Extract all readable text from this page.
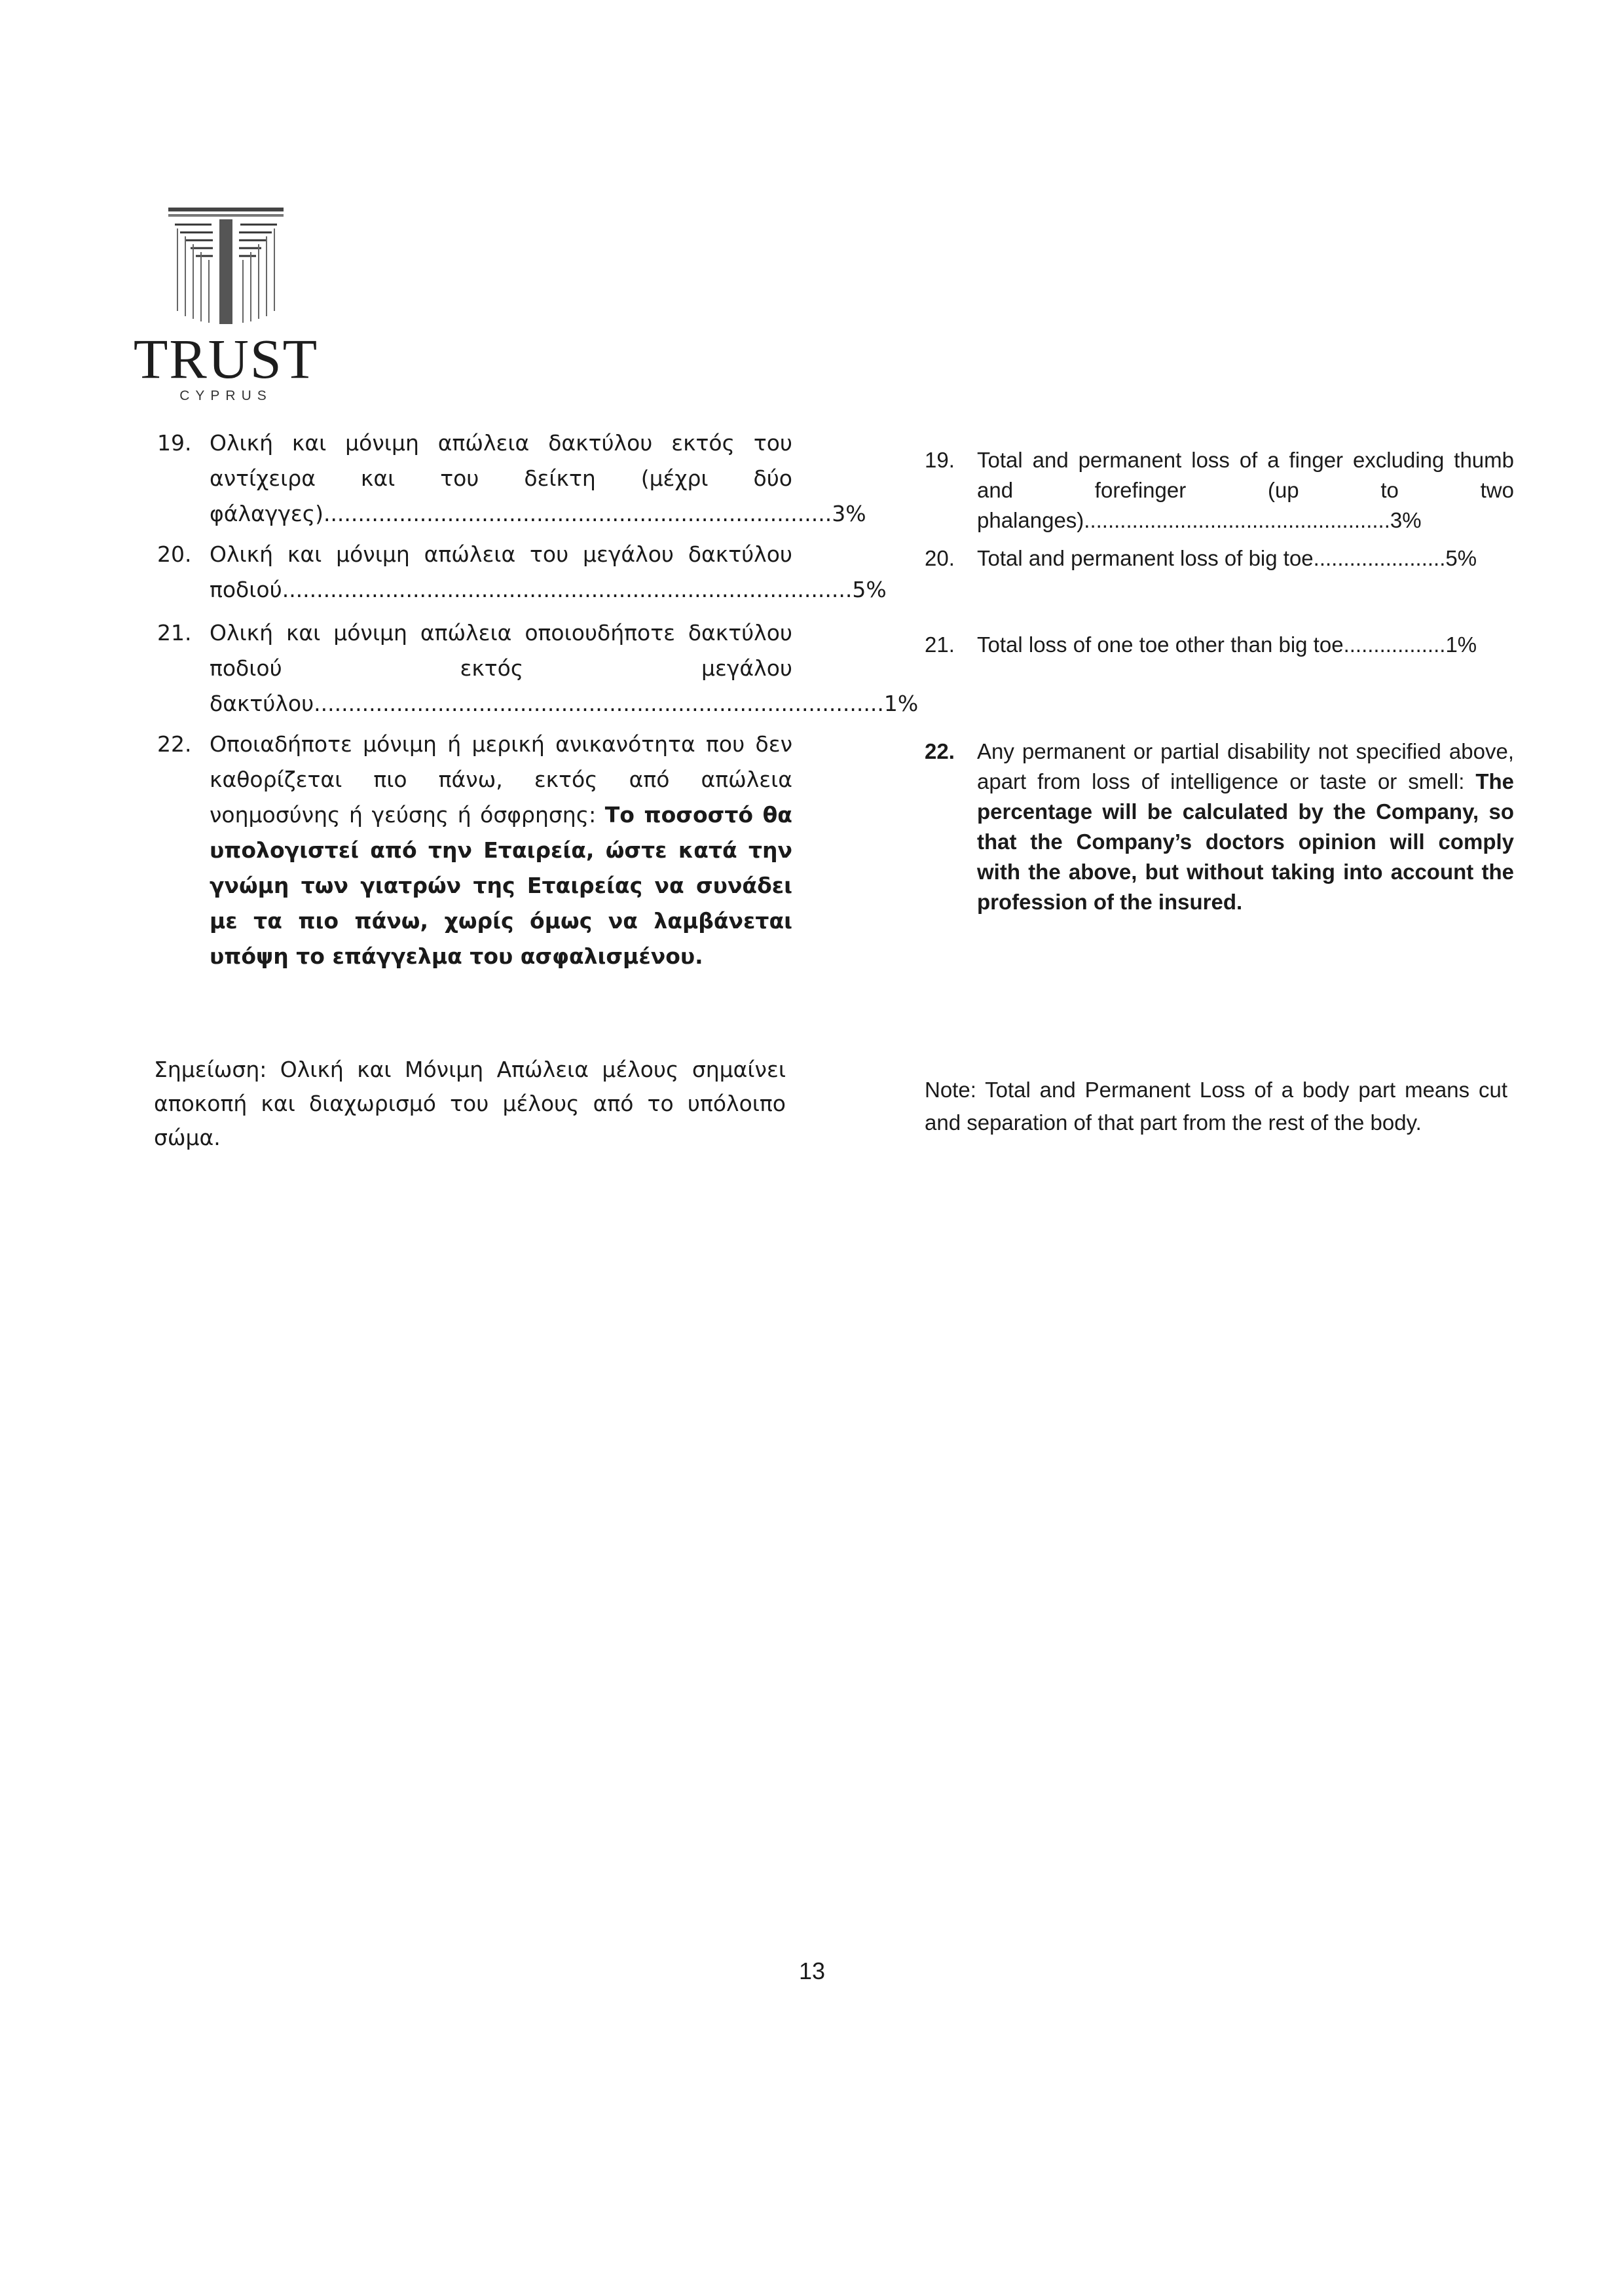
TRUST
CYPRUS
19. Ολική και μόνιμη απώλεια δακτύλου εκτός του αντίχειρα και του δείκτη (μέχρι δύο φάλαγγες)..........................................................................3%
20. Ολική και μόνιμη απώλεια του μεγάλου δακτύλου ποδιού...................................................................................5%
21. Ολική και μόνιμη απώλεια οποιουδήποτε δακτύλου ποδιού εκτός μεγάλου δακτύλου...................................................................................1%
22. Οποιαδήποτε μόνιμη ή μερική ανικανότητα που δεν καθορίζεται πιο πάνω, εκτός από απώλεια νοημοσύνης ή γεύσης ή όσφρησης: Το ποσοστό θα υπολογιστεί από την Εταιρεία, ώστε κατά την γνώμη των γιατρών της Εταιρείας να συνάδει με τα πιο πάνω, χωρίς όμως να λαμβάνεται υπόψη το επάγγελμα του ασφαλισμένου.
19.	Total and permanent loss of a finger excluding thumb and forefinger (up to two phalanges)...................................................3%
20.	Total and permanent loss of big toe......................5%
21.	Total loss of one toe other than big toe.................1%
22.	Any permanent or partial disability not specified above, apart from loss of intelligence or taste or smell: The percentage will be calculated by the Company, so that the Company’s doctors opinion will comply with the above, but without taking into account the profession of the insured.
Σημείωση: Ολική και Μόνιμη Απώλεια μέλους σημαίνει αποκοπή και διαχωρισμό του μέλους από το υπόλοιπο σώμα.
Note: Total and Permanent Loss of a body part means cut and separation of that part from the rest of the body.
13
